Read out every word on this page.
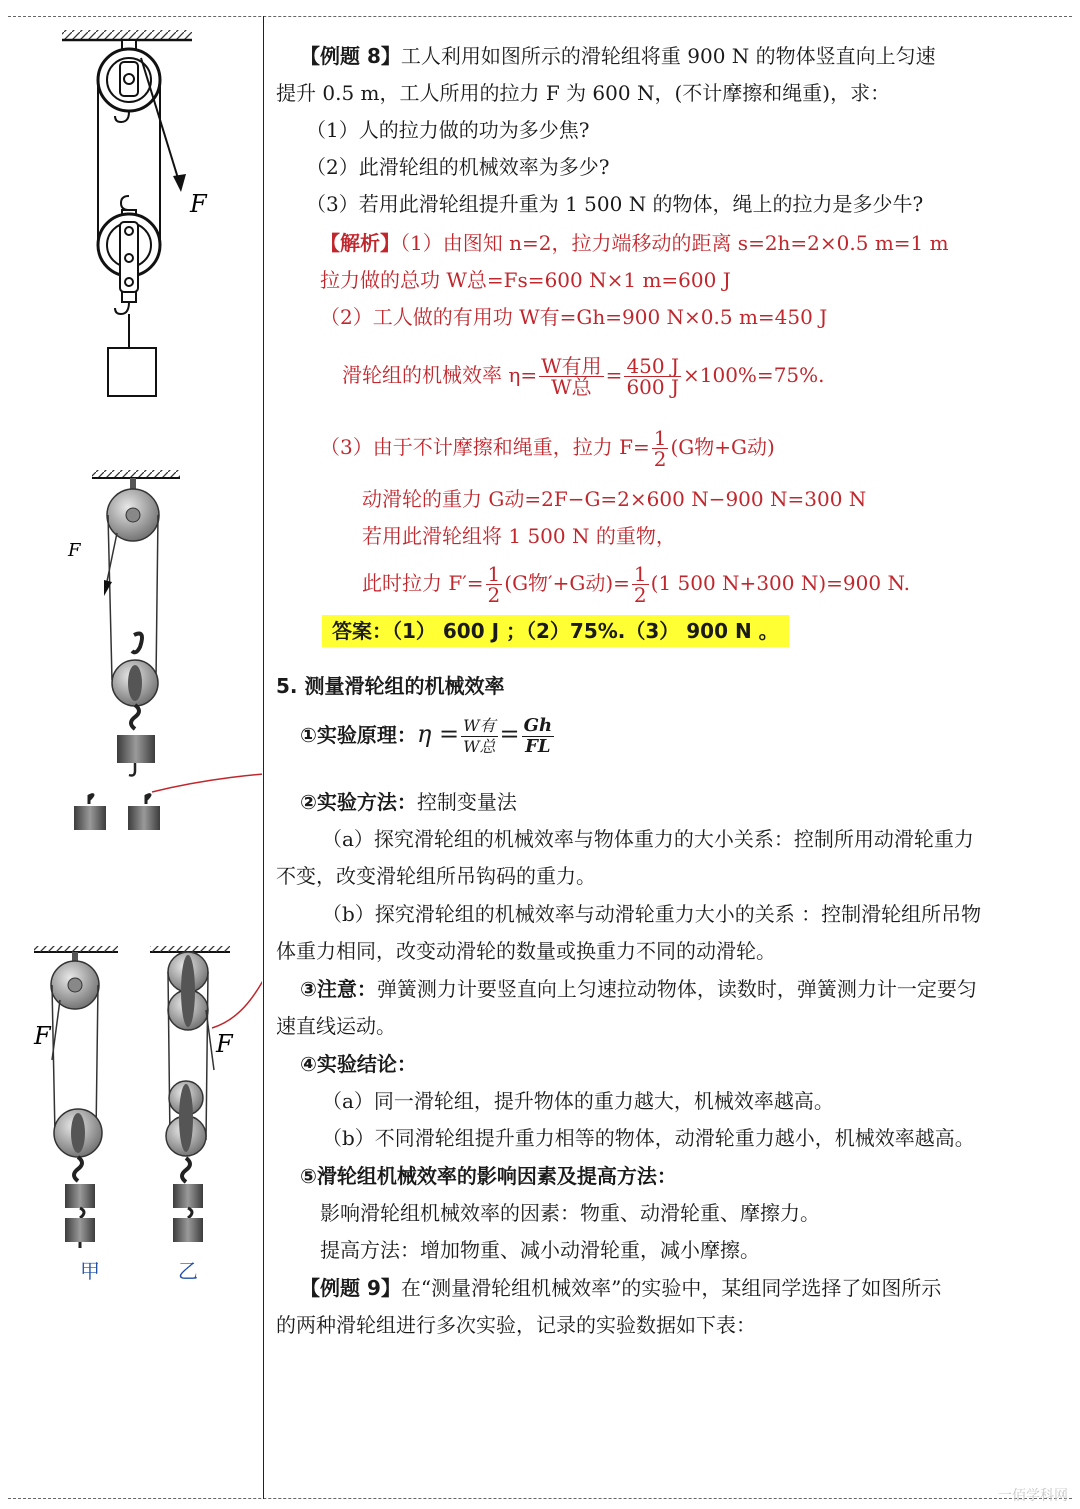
F
F
F
甲
F
乙
【例题 8】工人利用如图所示的滑轮组将重 900 N 的物体竖直向上匀速
提升 0.5 m，工人所用的拉力 F 为 600 N，(不计摩擦和绳重)，求：
（1）人的拉力做的功为多少焦?
（2）此滑轮组的机械效率为多少?
（3）若用此滑轮组提升重为 1 500 N 的物体，绳上的拉力是多少牛?
【解析】（1）由图知 n=2，拉力端移动的距离 s=2h=2×0.5 m=1 m
拉力做的总功 W总=Fs=600 N×1 m=600 J
（2）工人做的有用功 W有=Gh=900 N×0.5 m=450 J
滑轮组的机械效率 $\eta= \frac{\text{W有用}}{\text{W总}} = \frac{450 J}{600 J} \times 100\%=75\%$.
（3）由于不计摩擦和绳重，拉力 $F= \frac{1}{2} (G$物+G动)
动滑轮的重力 G动=2F−G=2×600 N−900 N=300 N
若用此滑轮组将 1 500 N 的重物，
此时拉力 $F'= \frac{1}{2} (G$物′+G动)= $\frac{1}{2} (1$ 500 N+300 N)=900 N.
答案：（1） 600 J ；（2）75%.（3） 900 N 。
5. 测量滑轮组的机械效率
①实验原理：$\eta = \frac{\text{W有}}{\text{W总}} = \frac{Gh}{FL}$
②实验方法：控制变量法
（a）探究滑轮组的机械效率与物体重力的大小关系：控制所用动滑轮重力
不变，改变滑轮组所吊钩码的重力。
（b）探究滑轮组的机械效率与动滑轮重力大小的关系 ：控制滑轮组所吊物
体重力相同，改变动滑轮的数量或换重力不同的动滑轮。
③注意：弹簧测力计要竖直向上匀速拉动物体，读数时，弹簧测力计一定要匀
速直线运动。
④实验结论：
（a）同一滑轮组，提升物体的重力越大，机械效率越高。
（b）不同滑轮组提升重力相等的物体，动滑轮重力越小，机械效率越高。
⑤滑轮组机械效率的影响因素及提高方法：
影响滑轮组机械效率的因素：物重、动滑轮重、摩擦力。
提高方法：增加物重、减小动滑轮重，减小摩擦。
【例题 9】在“测量滑轮组机械效率”的实验中，某组同学选择了如图所示
的两种滑轮组进行多次实验，记录的实验数据如下表：
一佰学科网
